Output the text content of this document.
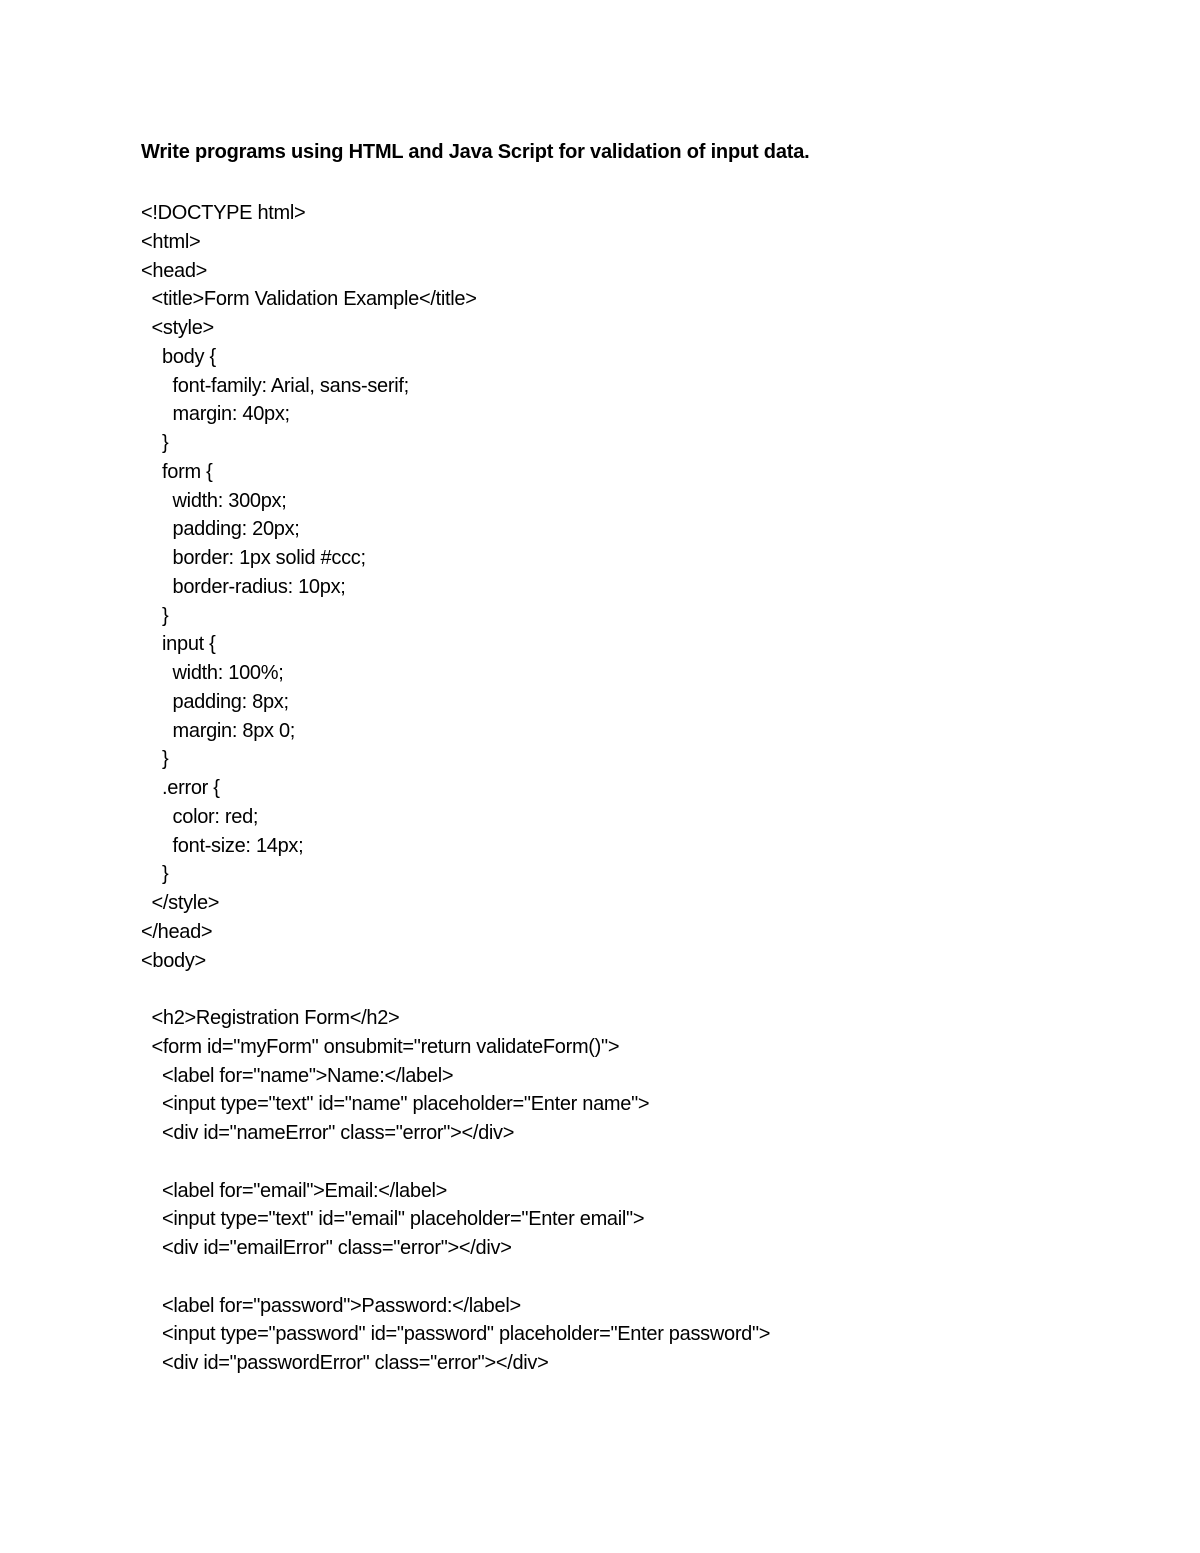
Write programs using HTML and Java Script for validation of input data.
<!DOCTYPE html>
<html>
<head>
<title>Form Validation Example</title>
<style>
body {
font-family: Arial, sans-serif;
margin: 40px;
}
form {
width: 300px;
padding: 20px;
border: 1px solid #ccc;
border-radius: 10px;
}
input {
width: 100%;
padding: 8px;
margin: 8px 0;
}
.error {
color: red;
font-size: 14px;
}
</style>
</head>
<body>
<h2>Registration Form</h2>
<form id="myForm" onsubmit="return validateForm()">
<label for="name">Name:</label>
<input type="text" id="name" placeholder="Enter name">
<div id="nameError" class="error"></div>
<label for="email">Email:</label>
<input type="text" id="email" placeholder="Enter email">
<div id="emailError" class="error"></div>
<label for="password">Password:</label>
<input type="password" id="password" placeholder="Enter password">
<div id="passwordError" class="error"></div>
